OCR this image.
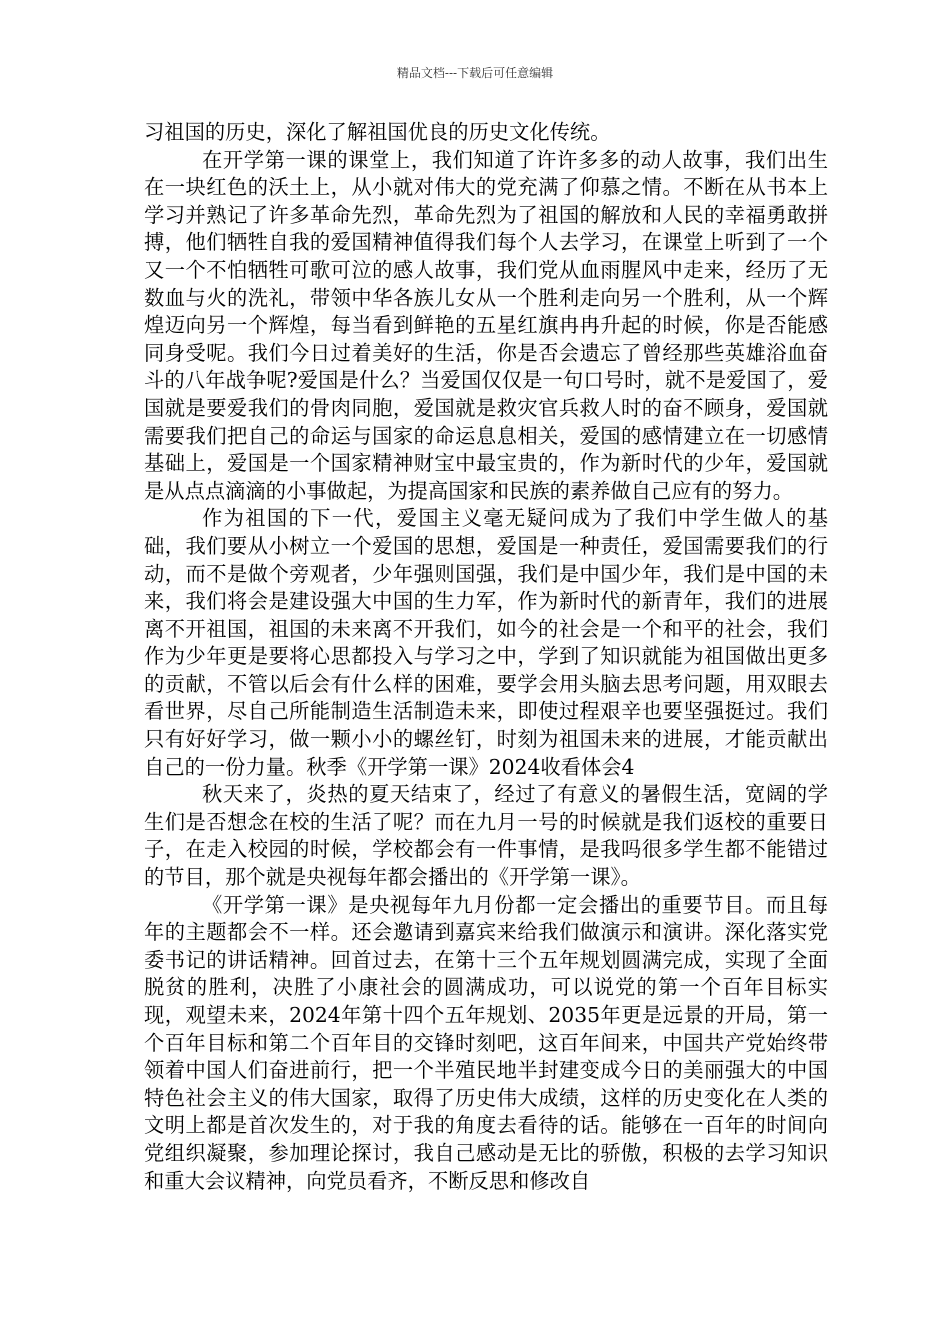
精品文档---下载后可任意编辑

习祖国的历史，深化了解祖国优良的历史文化传统。

在开学第一课的课堂上，我们知道了许许多多的动人故事，我们出生在一块红色的沃土上，从小就对伟大的党充满了仰慕之情。不断在从书本上学习并熟记了许多革命先烈，革命先烈为了祖国的解放和人民的幸福勇敢拼搏，他们牺牲自我的爱国精神值得我们每个人去学习，在课堂上听到了一个又一个不怕牺牲可歌可泣的感人故事，我们党从血雨腥风中走来，经历了无数血与火的洗礼，带领中华各族儿女从一个胜利走向另一个胜利，从一个辉煌迈向另一个辉煌，每当看到鲜艳的五星红旗冉冉升起的时候，你是否能感同身受呢。我们今日过着美好的生活，你是否会遗忘了曾经那些英雄浴血奋斗的八年战争呢?爱国是什么？当爱国仅仅是一句口号时，就不是爱国了，爱国就是要爱我们的骨肉同胞，爱国就是救灾官兵救人时的奋不顾身，爱国就需要我们把自己的命运与国家的命运息息相关，爱国的感情建立在一切感情基础上，爱国是一个国家精神财宝中最宝贵的，作为新时代的少年，爱国就是从点点滴滴的小事做起，为提高国家和民族的素养做自己应有的努力。

作为祖国的下一代，爱国主义毫无疑问成为了我们中学生做人的基础，我们要从小树立一个爱国的思想，爱国是一种责任，爱国需要我们的行动，而不是做个旁观者，少年强则国强，我们是中国少年，我们是中国的未来，我们将会是建设强大中国的生力军，作为新时代的新青年，我们的进展离不开祖国，祖国的未来离不开我们，如今的社会是一个和平的社会，我们作为少年更是要将心思都投入与学习之中，学到了知识就能为祖国做出更多的贡献，不管以后会有什么样的困难，要学会用头脑去思考问题，用双眼去看世界，尽自己所能制造生活制造未来，即使过程艰辛也要坚强挺过。我们只有好好学习，做一颗小小的螺丝钉，时刻为祖国未来的进展，才能贡献出自己的一份力量。秋季《开学第一课》2024收看体会4

秋天来了，炎热的夏天结束了，经过了有意义的暑假生活，宽阔的学生们是否想念在校的生活了呢？而在九月一号的时候就是我们返校的重要日子，在走入校园的时候，学校都会有一件事情，是我吗很多学生都不能错过的节目，那个就是央视每年都会播出的《开学第一课》。

《开学第一课》是央视每年九月份都一定会播出的重要节目。而且每年的主题都会不一样。还会邀请到嘉宾来给我们做演示和演讲。深化落实党委书记的讲话精神。回首过去，在第十三个五年规划圆满完成，实现了全面脱贫的胜利，决胜了小康社会的圆满成功，可以说党的第一个百年目标实现，观望未来，2024年第十四个五年规划、2035年更是远景的开局，第一个百年目标和第二个百年目的交锋时刻吧，这百年间来，中国共产党始终带领着中国人们奋进前行，把一个半殖民地半封建变成今日的美丽强大的中国特色社会主义的伟大国家，取得了历史伟大成绩，这样的历史变化在人类的文明上都是首次发生的，对于我的角度去看待的话。能够在一百年的时间向党组织凝聚，参加理论探讨，我自己感动是无比的骄傲，积极的去学习知识和重大会议精神，向党员看齐，不断反思和修改自
